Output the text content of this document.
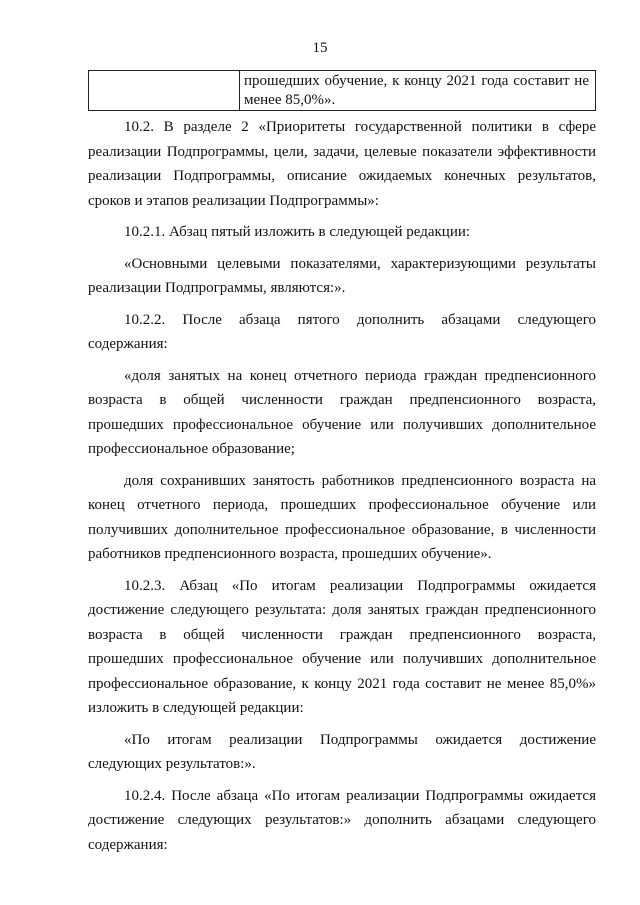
15
	прошедших обучение, к концу 2021 года составит не менее 85,0%».

10.2. В разделе 2 «Приоритеты государственной политики в сфере реализации Подпрограммы, цели, задачи, целевые показатели эффективности реализации Подпрограммы, описание ожидаемых конечных результатов, сроков и этапов реализации Подпрограммы»:

10.2.1. Абзац пятый изложить в следующей редакции:

«Основными целевыми показателями, характеризующими результаты реализации Подпрограммы, являются:».

10.2.2. После абзаца пятого дополнить абзацами следующего содержания:

«доля занятых на конец отчетного периода граждан предпенсионного возраста в общей численности граждан предпенсионного возраста, прошедших профессиональное обучение или получивших дополнительное профессиональное образование;

доля сохранивших занятость работников предпенсионного возраста на конец отчетного периода, прошедших профессиональное обучение или получивших дополнительное профессиональное образование, в численности работников предпенсионного возраста, прошедших обучение».

10.2.3. Абзац «По итогам реализации Подпрограммы ожидается достижение следующего результата: доля занятых граждан предпенсионного возраста в общей численности граждан предпенсионного возраста, прошедших профессиональное обучение или получивших дополнительное профессиональное образование, к концу 2021 года составит не менее 85,0%» изложить в следующей редакции:

«По итогам реализации Подпрограммы ожидается достижение следующих результатов:».

10.2.4. После абзаца «По итогам реализации Подпрограммы ожидается достижение следующих результатов:» дополнить абзацами следующего содержания:
